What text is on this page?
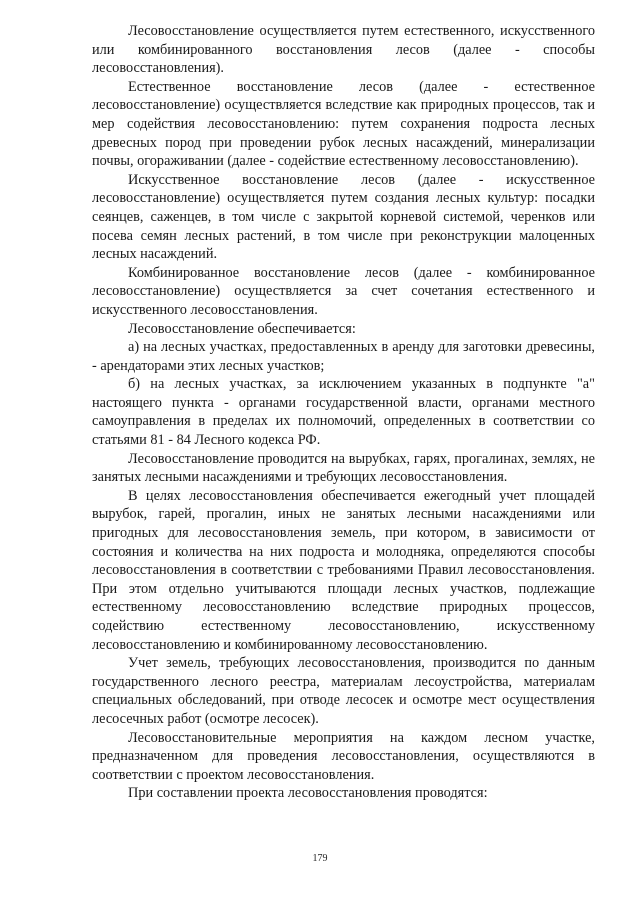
Лесовосстановление осуществляется путем естественного, искусственного или комбинированного восстановления лесов (далее - способы лесовосстановления).

Естественное восстановление лесов (далее - естественное лесовосстановление) осуществляется вследствие как природных процессов, так и мер содействия лесовосстановлению: путем сохранения подроста лесных древесных пород при проведении рубок лесных насаждений, минерализации почвы, огораживании (далее - содействие естественному лесовосстановлению).

Искусственное восстановление лесов (далее - искусственное лесовосстановление) осуществляется путем создания лесных культур: посадки сеянцев, саженцев, в том числе с закрытой корневой системой, черенков или посева семян лесных растений, в том числе при реконструкции малоценных лесных насаждений.

Комбинированное восстановление лесов (далее - комбинированное лесовосстановление) осуществляется за счет сочетания естественного и искусственного лесовосстановления.

Лесовосстановление обеспечивается:

а) на лесных участках, предоставленных в аренду для заготовки древесины, - арендаторами этих лесных участков;

б) на лесных участках, за исключением указанных в подпункте "а" настоящего пункта - органами государственной власти, органами местного самоуправления в пределах их полномочий, определенных в соответствии со статьями 81 - 84 Лесного кодекса РФ.

Лесовосстановление проводится на вырубках, гарях, прогалинах, землях, не занятых лесными насаждениями и требующих лесовосстановления.

В целях лесовосстановления обеспечивается ежегодный учет площадей вырубок, гарей, прогалин, иных не занятых лесными насаждениями или пригодных для лесовосстановления земель, при котором, в зависимости от состояния и количества на них подроста и молодняка, определяются способы лесовосстановления в соответствии с требованиями Правил лесовосстановления. При этом отдельно учитываются площади лесных участков, подлежащие естественному лесовосстановлению вследствие природных процессов, содействию естественному лесовосстановлению, искусственному лесовосстановлению и комбинированному лесовосстановлению.

Учет земель, требующих лесовосстановления, производится по данным государственного лесного реестра, материалам лесоустройства, материалам специальных обследований, при отводе лесосек и осмотре мест осуществления лесосечных работ (осмотре лесосек).

Лесовосстановительные мероприятия на каждом лесном участке, предназначенном для проведения лесовосстановления, осуществляются в соответствии с проектом лесовосстановления.

При составлении проекта лесовосстановления проводятся:

179
